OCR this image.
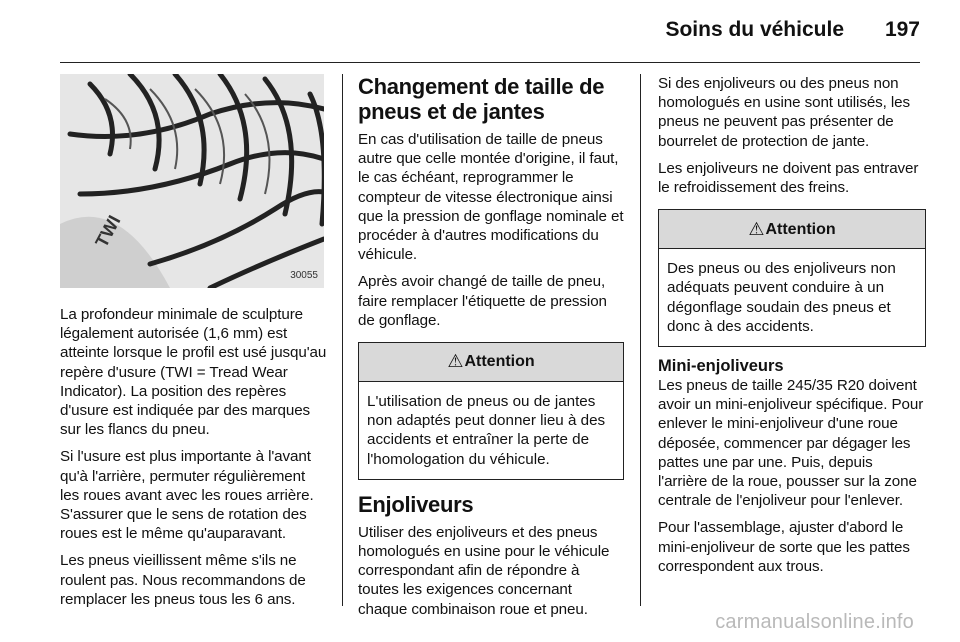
Soins du véhicule 197
TWI
30055

La profondeur minimale de sculpture légalement autorisée (1,6 mm) est atteinte lorsque le profil est usé jusqu'au repère d'usure (TWI = Tread Wear Indicator). La position des repères d'usure est indiquée par des marques sur les flancs du pneu.

Si l'usure est plus importante à l'avant qu'à l'arrière, permuter régulièrement les roues avant avec les roues arrière. S'assurer que le sens de rotation des roues est le même qu'auparavant.

Les pneus vieillissent même s'ils ne roulent pas. Nous recommandons de remplacer les pneus tous les 6 ans.

Changement de taille de pneus et de jantes

En cas d'utilisation de taille de pneus autre que celle montée d'origine, il faut, le cas échéant, reprogrammer le compteur de vitesse électronique ainsi que la pression de gonflage nominale et procéder à d'autres modifications du véhicule.

Après avoir changé de taille de pneu, faire remplacer l'étiquette de pression de gonflage.

⚠ Attention
L'utilisation de pneus ou de jantes non adaptés peut donner lieu à des accidents et entraîner la perte de l'homologation du véhicule.
Enjoliveurs

Utiliser des enjoliveurs et des pneus homologués en usine pour le véhicule correspondant afin de répondre à toutes les exigences concernant chaque combinaison roue et pneu.

Si des enjoliveurs ou des pneus non homologués en usine sont utilisés, les pneus ne peuvent pas présenter de bourrelet de protection de jante.

Les enjoliveurs ne doivent pas entraver le refroidissement des freins.

⚠ Attention
Des pneus ou des enjoliveurs non adéquats peuvent conduire à un dégonflage soudain des pneus et donc à des accidents.
Mini-enjoliveurs

Les pneus de taille 245/35 R20 doivent avoir un mini-enjoliveur spécifique. Pour enlever le mini-enjoliveur d'une roue déposée, commencer par dégager les pattes une par une. Puis, depuis l'arrière de la roue, pousser sur la zone centrale de l'enjoliveur pour l'enlever.

Pour l'assemblage, ajuster d'abord le mini-enjoliveur de sorte que les pattes correspondent aux trous.

carmanualsonline.info
